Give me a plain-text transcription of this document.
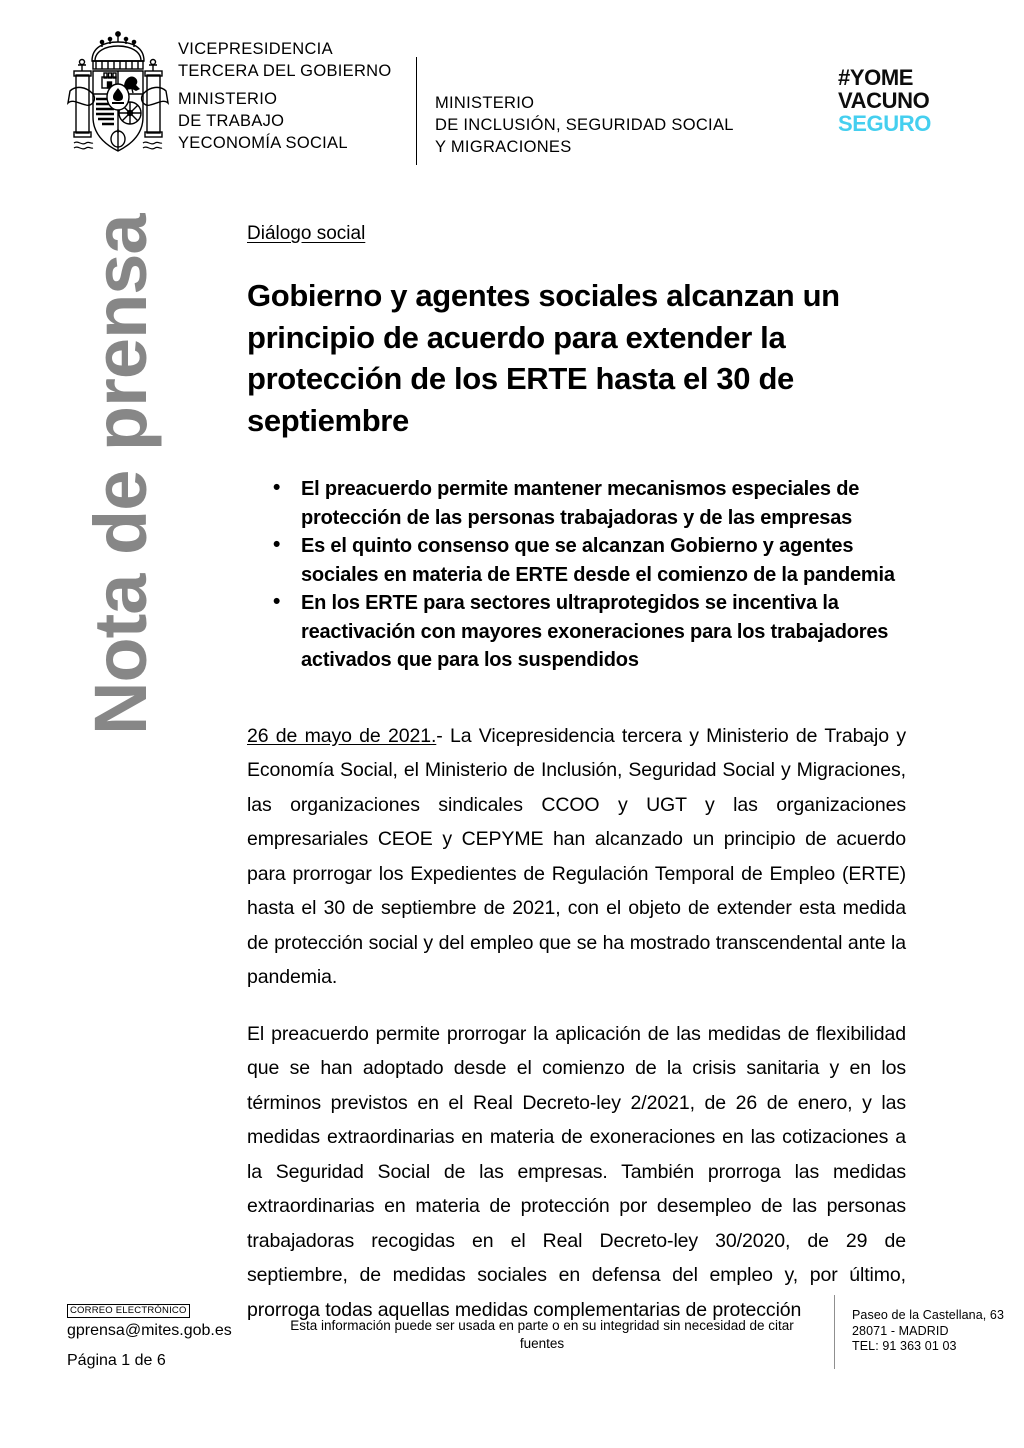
VICEPRESIDENCIA
TERCERA DEL GOBIERNO
MINISTERIO
DE TRABAJO
YECONOMÍA SOCIAL
MINISTERIO
DE INCLUSIÓN, SEGURIDAD SOCIAL
Y MIGRACIONES
#YOME
VACUNO
SEGURO
Nota de prensa	Diálogo social
Gobierno y agentes sociales alcanzan un principio de acuerdo para extender la protección de los ERTE hasta el 30 de septiembre
• El preacuerdo permite mantener mecanismos especiales de protección de las personas trabajadoras y de las empresas
• Es el quinto consenso que se alcanzan Gobierno y agentes sociales en materia de ERTE desde el comienzo de la pandemia
• En los ERTE para sectores ultraprotegidos se incentiva la reactivación con mayores exoneraciones para los trabajadores activados que para los suspendidos

26 de mayo de 2021.- La Vicepresidencia tercera y Ministerio de Trabajo y Economía Social, el Ministerio de Inclusión, Seguridad Social y Migraciones, las organizaciones sindicales CCOO y UGT y las organizaciones empresariales CEOE y CEPYME han alcanzado un principio de acuerdo para prorrogar los Expedientes de Regulación Temporal de Empleo (ERTE) hasta el 30 de septiembre de 2021, con el objeto de extender esta medida de protección social y del empleo que se ha mostrado transcendental ante la pandemia.

El preacuerdo permite prorrogar la aplicación de las medidas de flexibilidad que se han adoptado desde el comienzo de la crisis sanitaria y en los términos previstos en el Real Decreto-ley 2/2021, de 26 de enero, y las medidas extraordinarias en materia de exoneraciones en las cotizaciones a la Seguridad Social de las empresas. También prorroga las medidas extraordinarias en materia de protección por desempleo de las personas trabajadoras recogidas en el Real Decreto-ley 30/2020, de 29 de septiembre, de medidas sociales en defensa del empleo y, por último, prorroga todas aquellas medidas complementarias de protección

CORREO ELECTRÓNICO
gprensa@mites.gob.es
Página 1 de 6
Esta información puede ser usada en parte o en su integridad sin necesidad de citar fuentes
Paseo de la Castellana, 63
28071 - MADRID
TEL: 91 363 01 03
